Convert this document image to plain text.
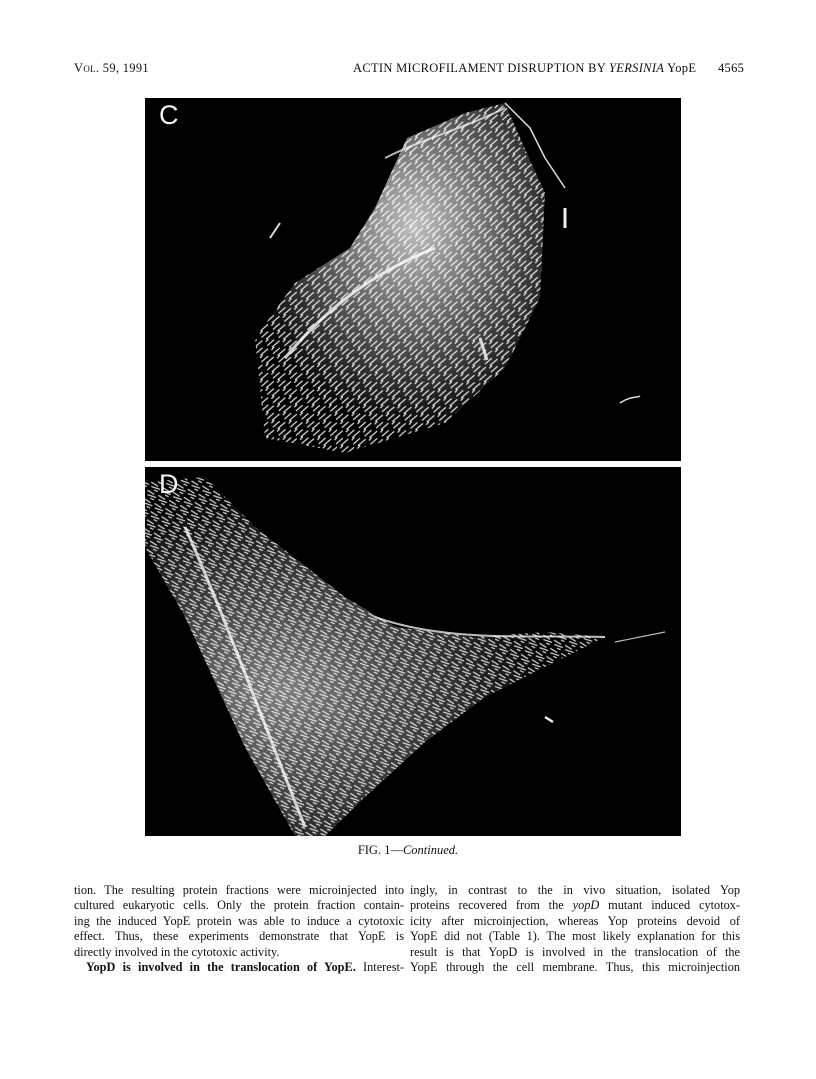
Vol. 59, 1991	ACTIN MICROFILAMENT DISRUPTION BY YERSINIA YopE 4565
C
D
FIG. 1—Continued.
tion. The resulting protein fractions were microinjected into
cultured eukaryotic cells. Only the protein fraction contain-
ing the induced YopE protein was able to induce a cytotoxic
effect. Thus, these experiments demonstrate that YopE is
directly involved in the cytotoxic activity.
YopD is involved in the translocation of YopE. Interest-
ingly, in contrast to the in vivo situation, isolated Yop
proteins recovered from the yopD mutant induced cytotox-
icity after microinjection, whereas Yop proteins devoid of
YopE did not (Table 1). The most likely explanation for this
result is that YopD is involved in the translocation of the
YopE through the cell membrane. Thus, this microinjection
